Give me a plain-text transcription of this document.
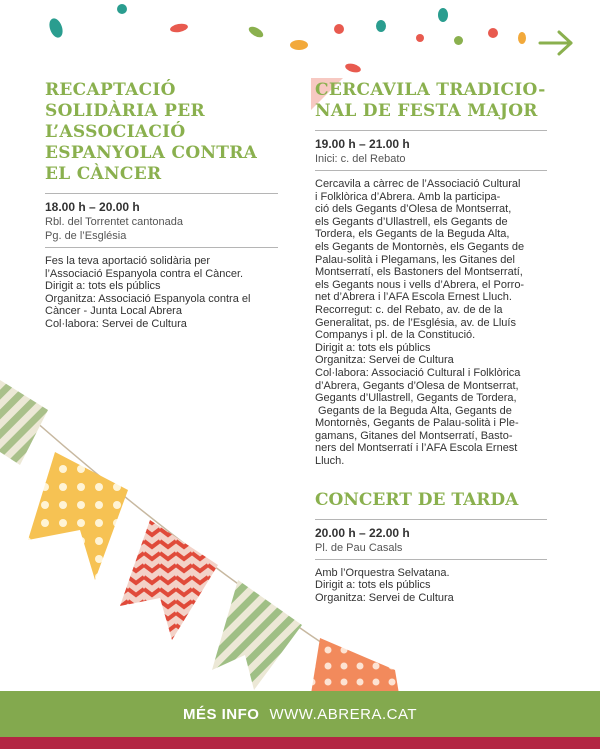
RECAPTACIÓ
SOLIDÀRIA PER
L’ASSOCIACIÓ
ESPANYOLA CONTRA
EL CÀNCER
18.00 h – 20.00 h
Rbl. del Torrentet cantonada
Pg. de l’Església
Fes la teva aportació solidària per
l’Associació Espanyola contra el Càncer.
Dirigit a: tots els públics
Organitza: Associació Espanyola contra el
Càncer - Junta Local Abrera
Col·labora: Servei de Cultura
CERCAVILA TRADICIO-
NAL DE FESTA MAJOR
19.00 h – 21.00 h
Inici: c. del Rebato
Cercavila a càrrec de l’Associació Cultural
i Folklòrica d’Abrera. Amb la participa-
ció dels Gegants d’Olesa de Montserrat,
els Gegants d’Ullastrell, els Gegants de
Tordera, els Gegants de la Beguda Alta,
els Gegants de Montornès, els Gegants de
Palau-solità i Plegamans, les Gitanes del
Montserratí, els Bastoners del Montserratí,
els Gegants nous i vells d’Abrera, el Porro-
net d’Abrera i l’AFA Escola Ernest Lluch.
Recorregut: c. del Rebato, av. de de la
Generalitat, ps. de l’Església, av. de Lluís
Companys i pl. de la Constitució.
Dirigit a: tots els públics
Organitza: Servei de Cultura
Col·labora: Associació Cultural i Folklòrica
d’Abrera, Gegants d’Olesa de Montserrat,
Gegants d’Ullastrell, Gegants de Tordera,
Gegants de la Beguda Alta, Gegants de
Montornès, Gegants de Palau-solità i Ple-
gamans, Gitanes del Montserratí, Basto-
ners del Montserratí i l’AFA Escola Ernest
Lluch.
CONCERT DE TARDA
20.00 h – 22.00 h
Pl. de Pau Casals
Amb l’Orquestra Selvatana.
Dirigit a: tots els públics
Organitza: Servei de Cultura
MÉS INFO WWW.ABRERA.CAT
